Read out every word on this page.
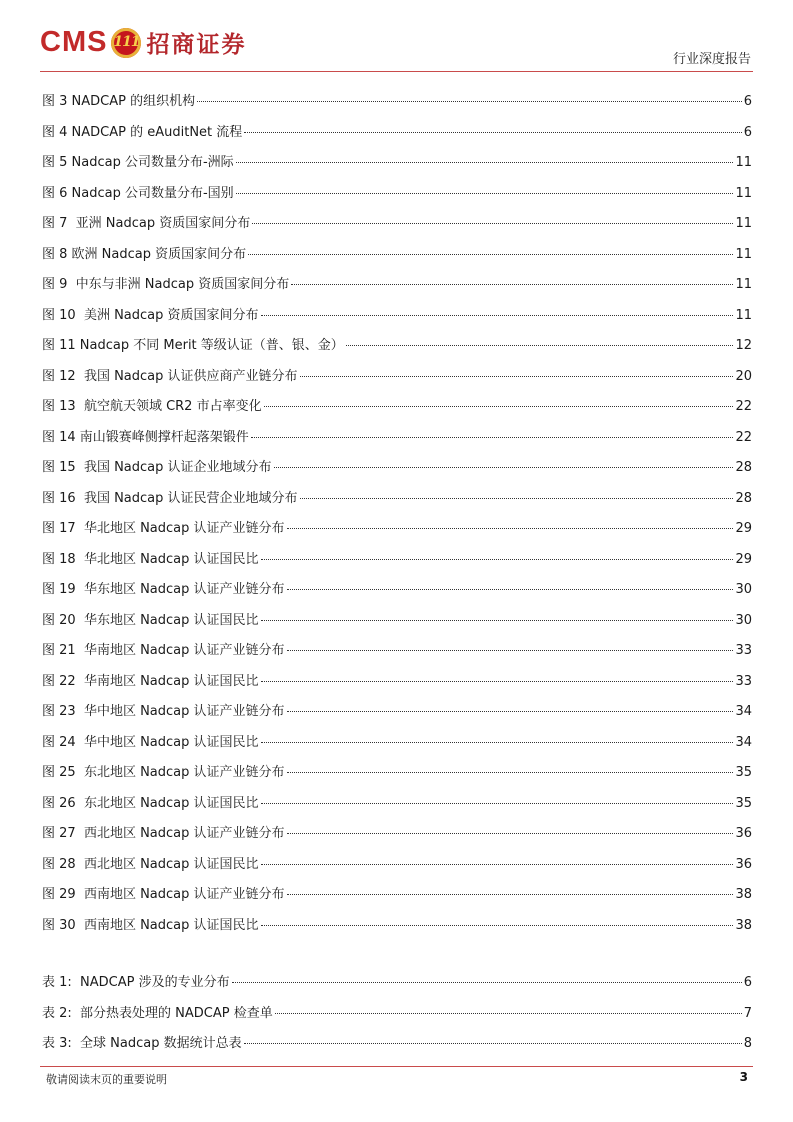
CMS 111 招商证券
行业深度报告
图 3 NADCAP 的组织机构	6
图 4 NADCAP 的 eAuditNet 流程	6
图 5 Nadcap 公司数量分布-洲际	11
图 6 Nadcap 公司数量分布-国别	11
图 7  亚洲 Nadcap 资质国家间分布	11
图 8 欧洲 Nadcap 资质国家间分布	11
图 9  中东与非洲 Nadcap 资质国家间分布	11
图 10  美洲 Nadcap 资质国家间分布	11
图 11 Nadcap 不同 Merit 等级认证（普、银、金）	12
图 12  我国 Nadcap 认证供应商产业链分布	20
图 13  航空航天领域 CR2 市占率变化	22
图 14 南山锻赛峰侧撑杆起落架锻件	22
图 15  我国 Nadcap 认证企业地域分布	28
图 16  我国 Nadcap 认证民营企业地域分布	28
图 17  华北地区 Nadcap 认证产业链分布	29
图 18  华北地区 Nadcap 认证国民比	29
图 19  华东地区 Nadcap 认证产业链分布	30
图 20  华东地区 Nadcap 认证国民比	30
图 21  华南地区 Nadcap 认证产业链分布	33
图 22  华南地区 Nadcap 认证国民比	33
图 23  华中地区 Nadcap 认证产业链分布	34
图 24  华中地区 Nadcap 认证国民比	34
图 25  东北地区 Nadcap 认证产业链分布	35
图 26  东北地区 Nadcap 认证国民比	35
图 27  西北地区 Nadcap 认证产业链分布	36
图 28  西北地区 Nadcap 认证国民比	36
图 29  西南地区 Nadcap 认证产业链分布	38
图 30  西南地区 Nadcap 认证国民比	38
表 1:  NADCAP 涉及的专业分布	6
表 2:  部分热表处理的 NADCAP 检查单	7
表 3:  全球 Nadcap 数据统计总表	8
敬请阅读末页的重要说明	3
